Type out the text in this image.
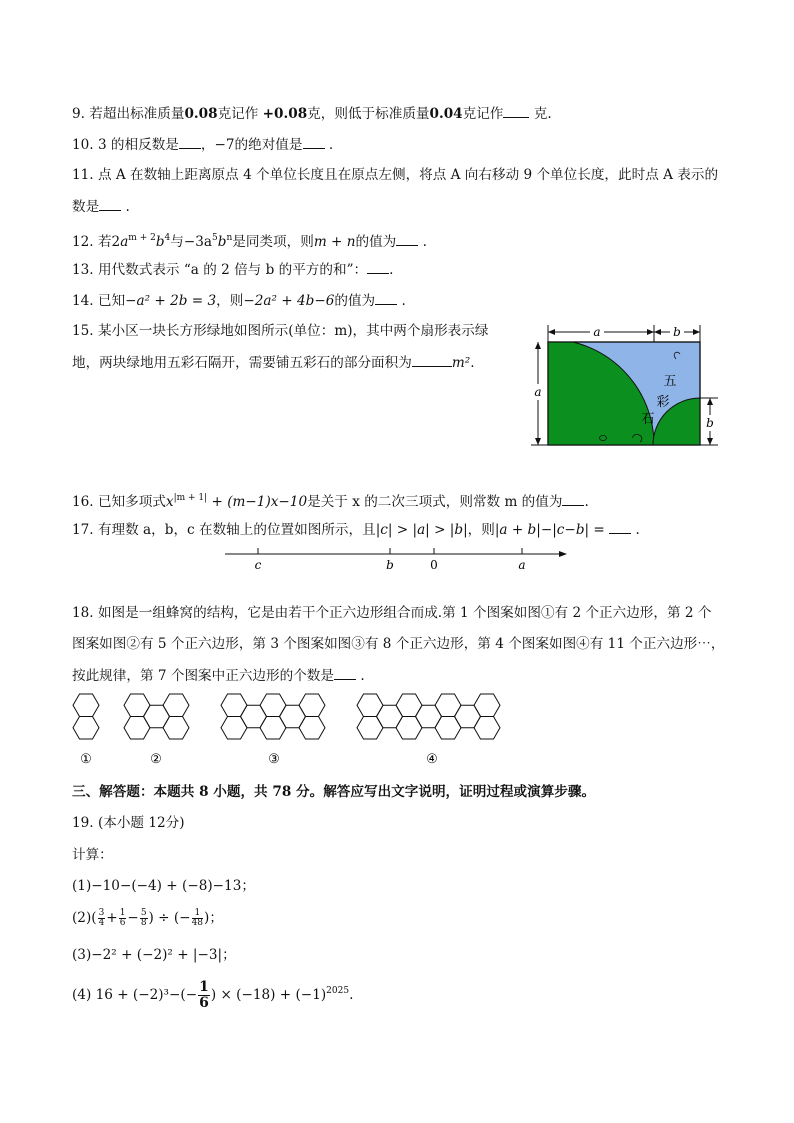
9. 若超出标准质量0.08克记作 +0.08克，则低于标准质量0.04克记作 克.
10. 3 的相反数是 ，−7的绝对值是 .
11. 点 A 在数轴上距离原点 4 个单位长度且在原点左侧，将点 A 向右移动 9 个单位长度，此时点 A 表示的
数是 .
12. 若$2a^{m + 2}b^4$与$-3a^5b^n$是同类项，则m + n的值为 .
13. 用代数式表示 “a 的 2 倍与 b 的平方的和”： .
14. 已知−a² + 2b = 3，则−2a² + 4b−6的值为 .
15. 某小区一块长方形绿地如图所示(单位：m)，其中两个扇形表示绿
地，两块绿地用五彩石隔开，需要铺五彩石的部分面积为	m².
a	b
a
b
五
彩
石
16. 已知多项式$x^{|m + 1|} + (m-1)x-10$是关于 x 的二次三项式，则常数 m 的值为 .
17. 有理数 a，b，c 在数轴上的位置如图所示，且|c| > |a| > |b|，则|a + b|−|c−b| = .
c	b	0	a
18. 如图是一组蜂窝的结构，它是由若干个正六边形组合而成.第 1 个图案如图①有 2 个正六边形，第 2 个
图案如图②有 5 个正六边形，第 3 个图案如图③有 8 个正六边形，第 4 个图案如图④有 11 个正六边形⋯，
按此规律，第 7 个图案中正六边形的个数是 .
①	②	③	④
三、解答题：本题共 8 小题，共 78 分。解答应写出文字说明，证明过程或演算步骤。
19. (本小题 12分)
计算：
(1)−10−(−4) + (−8)−13；
$(2)( \frac{3}{4} + \frac{1}{6} - \frac{5}{8}$ ) ÷ (− $\frac{1}{48}$ )；
(3)−2² + (−2)² + |−3|；
(4) $16 + (-2)^3-(- \frac{1}{6}$ ) × $(-18) + (-1)^{2025}$.
